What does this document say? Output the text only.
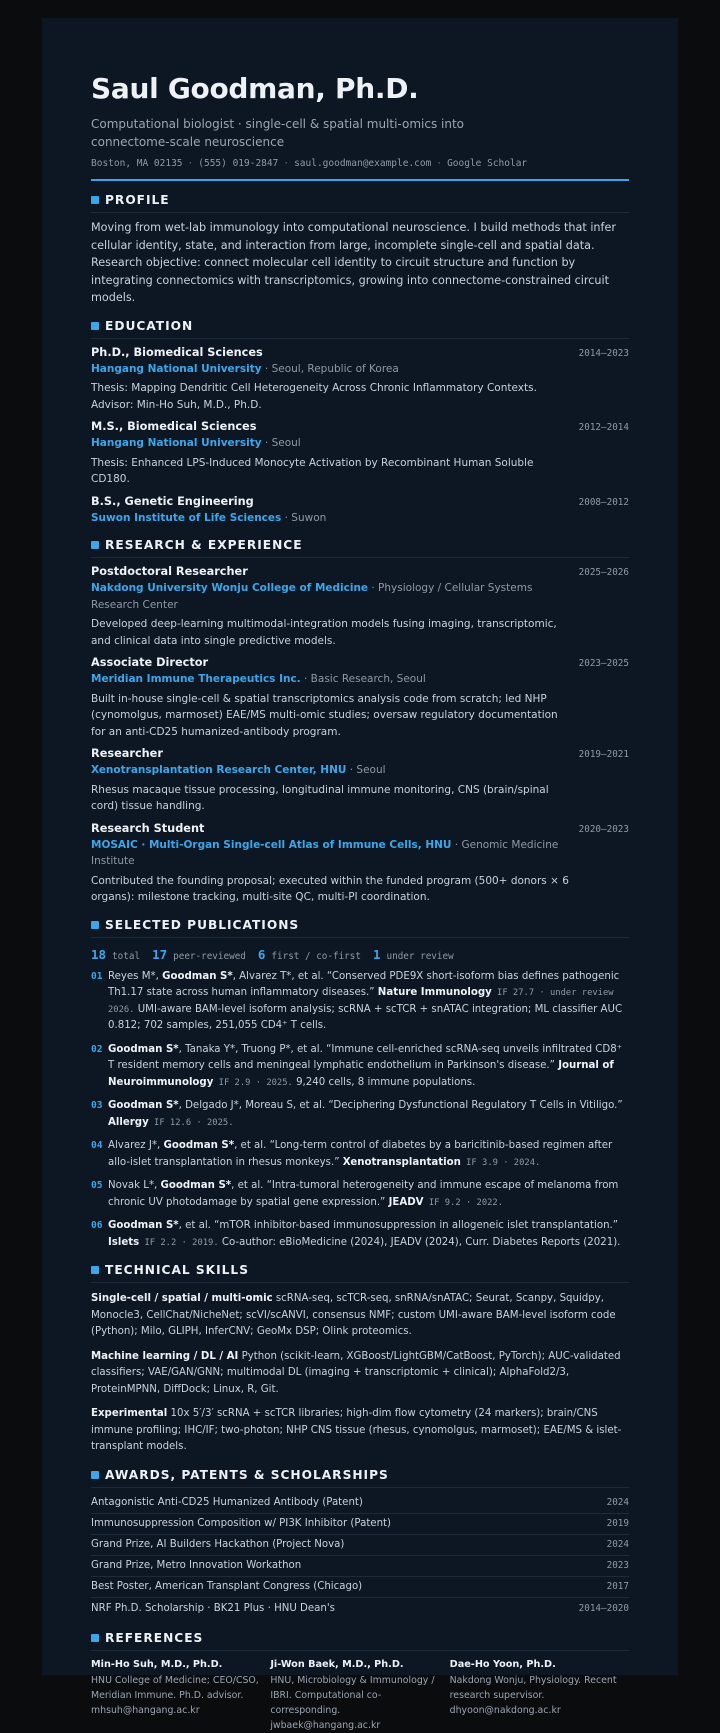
Saul Goodman, Ph.D.
Computational biologist · single-cell & spatial multi-omics into connectome-scale neuroscience
Boston, MA 02135 · (555) 019-2847 · saul.goodman@example.com · Google Scholar
PROFILE
Moving from wet-lab immunology into computational neuroscience. I build methods that infer cellular identity, state, and interaction from large, incomplete single-cell and spatial data. Research objective: connect molecular cell identity to circuit structure and function by integrating connectomics with transcriptomics, growing into connectome-constrained circuit models.
EDUCATION
Ph.D., Biomedical Sciences	2014–2023
Hangang National University · Seoul, Republic of Korea
Thesis: Mapping Dendritic Cell Heterogeneity Across Chronic Inflammatory Contexts. Advisor: Min-Ho Suh, M.D., Ph.D.
M.S., Biomedical Sciences	2012–2014
Hangang National University · Seoul
Thesis: Enhanced LPS-Induced Monocyte Activation by Recombinant Human Soluble CD180.
B.S., Genetic Engineering	2008–2012
Suwon Institute of Life Sciences · Suwon
RESEARCH & EXPERIENCE
Postdoctoral Researcher	2025–2026
Nakdong University Wonju College of Medicine · Physiology / Cellular Systems Research Center
Developed deep-learning multimodal-integration models fusing imaging, transcriptomic, and clinical data into single predictive models.
Associate Director	2023–2025
Meridian Immune Therapeutics Inc. · Basic Research, Seoul
Built in-house single-cell & spatial transcriptomics analysis code from scratch; led NHP (cynomolgus, marmoset) EAE/MS multi-omic studies; oversaw regulatory documentation for an anti-CD25 humanized-antibody program.
Researcher	2019–2021
Xenotransplantation Research Center, HNU · Seoul
Rhesus macaque tissue processing, longitudinal immune monitoring, CNS (brain/spinal cord) tissue handling.
Research Student	2020–2023
MOSAIC · Multi-Organ Single-cell Atlas of Immune Cells, HNU · Genomic Medicine Institute
Contributed the founding proposal; executed within the funded program (500+ donors × 6 organs): milestone tracking, multi-site QC, multi-PI coordination.
SELECTED PUBLICATIONS
18 total 17 peer-reviewed 6 first / co-first 1 under review
01 Reyes M*, Goodman S*, Alvarez T*, et al. “Conserved PDE9X short-isoform bias defines pathogenic Th1.17 state across human inflammatory diseases.” Nature Immunology IF 27.7 · under review 2026. UMI-aware BAM-level isoform analysis; scRNA + scTCR + snATAC integration; ML classifier AUC 0.812; 702 samples, 251,055 CD4⁺ T cells.
02 Goodman S*, Tanaka Y*, Truong P*, et al. “Immune cell-enriched scRNA-seq unveils infiltrated CD8⁺ T resident memory cells and meningeal lymphatic endothelium in Parkinson's disease.” Journal of Neuroimmunology IF 2.9 · 2025. 9,240 cells, 8 immune populations.
03 Goodman S*, Delgado J*, Moreau S, et al. “Deciphering Dysfunctional Regulatory T Cells in Vitiligo.” Allergy IF 12.6 · 2025.
04 Alvarez J*, Goodman S*, et al. “Long-term control of diabetes by a baricitinib-based regimen after allo-islet transplantation in rhesus monkeys.” Xenotransplantation IF 3.9 · 2024.
05 Novak L*, Goodman S*, et al. “Intra-tumoral heterogeneity and immune escape of melanoma from chronic UV photodamage by spatial gene expression.” JEADV IF 9.2 · 2022.
06 Goodman S*, et al. “mTOR inhibitor-based immunosuppression in allogeneic islet transplantation.” Islets IF 2.2 · 2019. Co-author: eBioMedicine (2024), JEADV (2024), Curr. Diabetes Reports (2021).
TECHNICAL SKILLS
Single-cell / spatial / multi-omic scRNA-seq, scTCR-seq, snRNA/snATAC; Seurat, Scanpy, Squidpy, Monocle3, CellChat/NicheNet; scVI/scANVI, consensus NMF; custom UMI-aware BAM-level isoform code (Python); Milo, GLIPH, InferCNV; GeoMx DSP; Olink proteomics.
Machine learning / DL / AI Python (scikit-learn, XGBoost/LightGBM/CatBoost, PyTorch); AUC-validated classifiers; VAE/GAN/GNN; multimodal DL (imaging + transcriptomic + clinical); AlphaFold2/3, ProteinMPNN, DiffDock; Linux, R, Git.
Experimental 10x 5′/3′ scRNA + scTCR libraries; high-dim flow cytometry (24 markers); brain/CNS immune profiling; IHC/IF; two-photon; NHP CNS tissue (rhesus, cynomolgus, marmoset); EAE/MS & islet-transplant models.
AWARDS, PATENTS & SCHOLARSHIPS
Antagonistic Anti-CD25 Humanized Antibody (Patent)	2024
Immunosuppression Composition w/ PI3K Inhibitor (Patent)	2019
Grand Prize, AI Builders Hackathon (Project Nova)	2024
Grand Prize, Metro Innovation Workathon	2023
Best Poster, American Transplant Congress (Chicago)	2017
NRF Ph.D. Scholarship · BK21 Plus · HNU Dean's	2014–2020
REFERENCES
Min-Ho Suh, M.D., Ph.D.
HNU College of Medicine; CEO/CSO, Meridian Immune. Ph.D. advisor. mhsuh@hangang.ac.kr
Ji-Won Baek, M.D., Ph.D.
HNU, Microbiology & Immunology / IBRI. Computational co-corresponding. jwbaek@hangang.ac.kr
Dae-Ho Yoon, Ph.D.
Nakdong Wonju, Physiology. Recent research supervisor. dhyoon@nakdong.ac.kr
